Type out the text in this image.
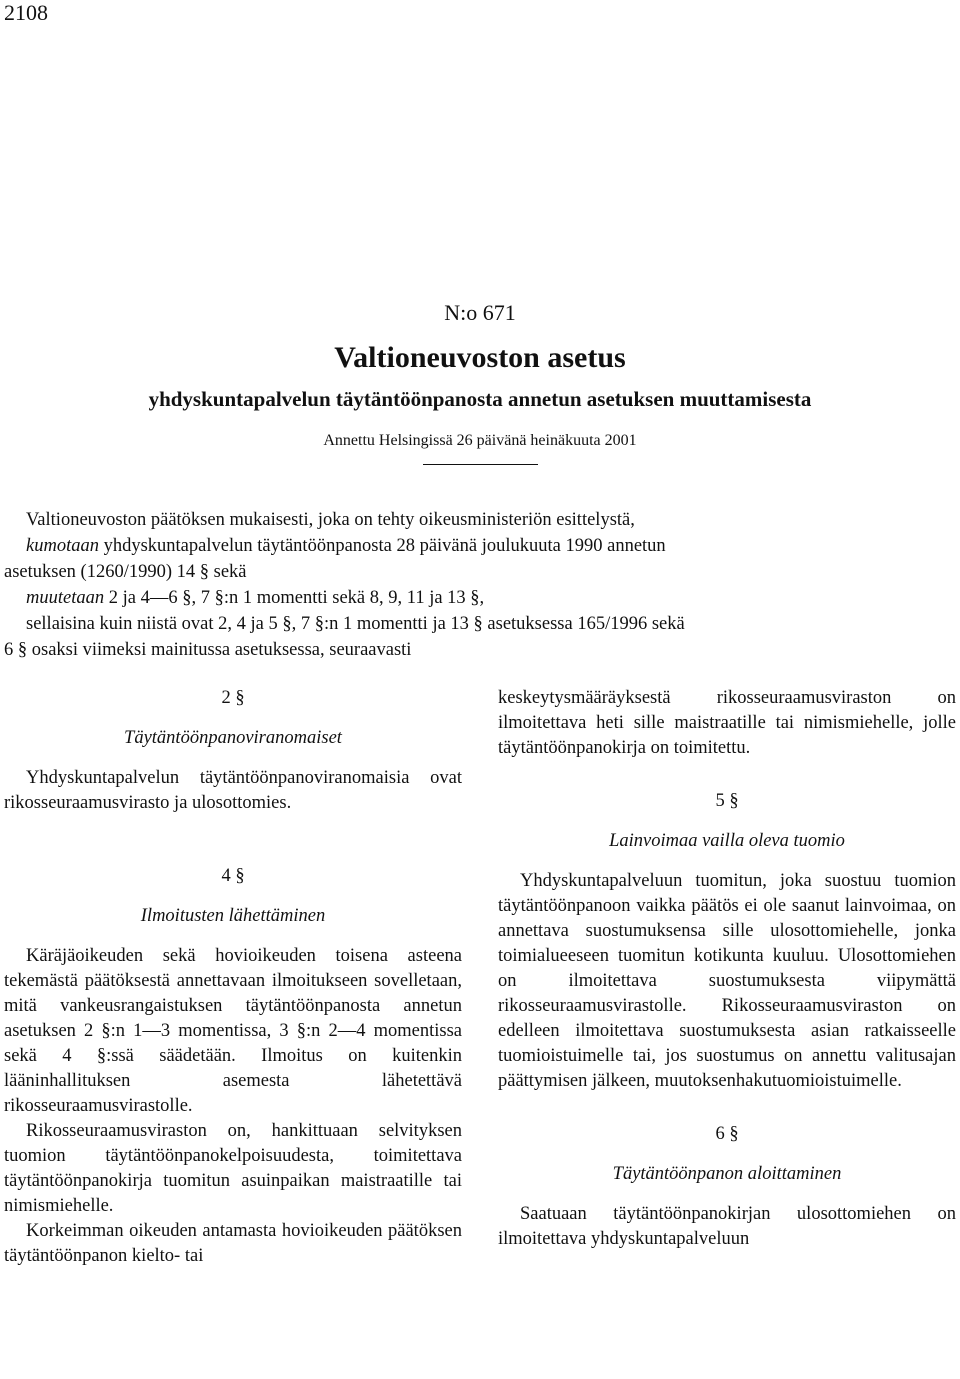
2108

N:o 671

Valtioneuvoston asetus

yhdyskuntapalvelun täytäntöönpanosta annetun asetuksen muuttamisesta

Annettu Helsingissä 26 päivänä heinäkuuta 2001

Valtioneuvoston päätöksen mukaisesti, joka on tehty oikeusministeriön esittelystä,

kumotaan yhdyskuntapalvelun täytäntöönpanosta 28 päivänä joulukuuta 1990 annetun

asetuksen (1260/1990) 14 § sekä

muutetaan 2 ja 4—6 §, 7 §:n 1 momentti sekä 8, 9, 11 ja 13 §,

sellaisina kuin niistä ovat 2, 4 ja 5 §, 7 §:n 1 momentti ja 13 § asetuksessa 165/1996 sekä

6 § osaksi viimeksi mainitussa asetuksessa, seuraavasti

2 §

Täytäntöönpanoviranomaiset

Yhdyskuntapalvelun täytäntöönpanoviranomaisia ovat rikosseuraamusvirasto ja ulosottomies.

4 §

Ilmoitusten lähettäminen

Käräjäoikeuden sekä hovioikeuden toisena asteena tekemästä päätöksestä annettavaan ilmoitukseen sovelletaan, mitä vankeusrangaistuksen täytäntöönpanosta annetun asetuksen 2 §:n 1—3 momentissa, 3 §:n 2—4 momentissa sekä 4 §:ssä säädetään. Ilmoitus on kuitenkin lääninhallituksen asemesta lähetettävä rikosseuraamusvirastolle.

Rikosseuraamusviraston on, hankittuaan selvityksen tuomion täytäntöönpanokelpoisuudesta, toimitettava täytäntöönpanokirja tuomitun asuinpaikan maistraatille tai nimismiehelle.

Korkeimman oikeuden antamasta hovioikeuden päätöksen täytäntöönpanon kielto- tai

keskeytysmääräyksestä rikosseuraamusviraston on ilmoitettava heti sille maistraatille tai nimismiehelle, jolle täytäntöönpanokirja on toimitettu.

5 §

Lainvoimaa vailla oleva tuomio

Yhdyskuntapalveluun tuomitun, joka suostuu tuomion täytäntöönpanoon vaikka päätös ei ole saanut lainvoimaa, on annettava suostumuksensa sille ulosottomiehelle, jonka toimialueeseen tuomitun kotikunta kuuluu. Ulosottomiehen on ilmoitettava suostumuksesta viipymättä rikosseuraamusvirastolle. Rikosseuraamusviraston on edelleen ilmoitettava suostumuksesta asian ratkaisseelle tuomioistuimelle tai, jos suostumus on annettu valitusajan päättymisen jälkeen, muutoksenhakutuomioistuimelle.

6 §

Täytäntöönpanon aloittaminen

Saatuaan täytäntöönpanokirjan ulosottomiehen on ilmoitettava yhdyskuntapalveluun
